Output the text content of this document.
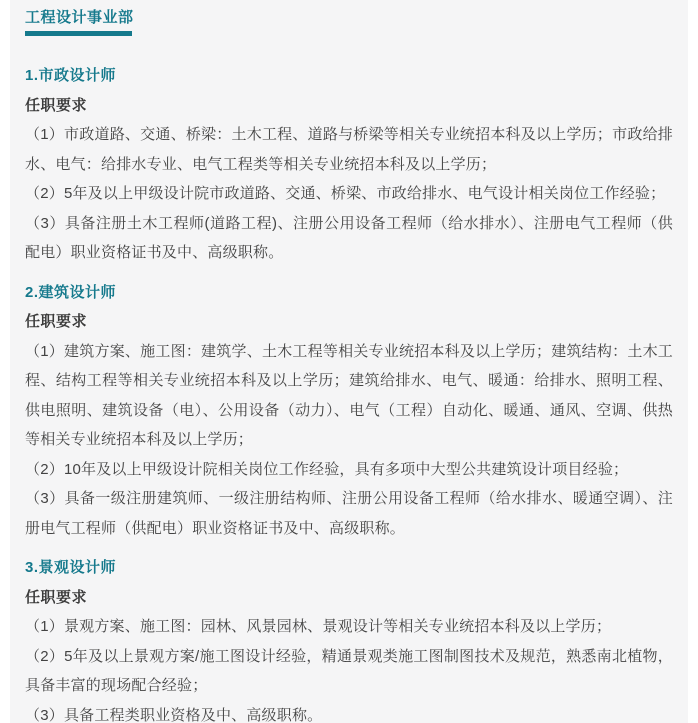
工程设计事业部
1.市政设计师
任职要求
（1）市政道路、交通、桥梁：土木工程、道路与桥梁等相关专业统招本科及以上学历；市政给排水、电气：给排水专业、电气工程类等相关专业统招本科及以上学历；
（2）5年及以上甲级设计院市政道路、交通、桥梁、市政给排水、电气设计相关岗位工作经验；
（3）具备注册土木工程师(道路工程)、注册公用设备工程师（给水排水）、注册电气工程师（供配电）职业资格证书及中、高级职称。
2.建筑设计师
任职要求
（1）建筑方案、施工图：建筑学、土木工程等相关专业统招本科及以上学历；建筑结构：土木工程、结构工程等相关专业统招本科及以上学历；建筑给排水、电气、暖通：给排水、照明工程、供电照明、建筑设备（电）、公用设备（动力）、电气（工程）自动化、暖通、通风、空调、供热等相关专业统招本科及以上学历；
（2）10年及以上甲级设计院相关岗位工作经验，具有多项中大型公共建筑设计项目经验；
（3）具备一级注册建筑师、一级注册结构师、注册公用设备工程师（给水排水、暖通空调）、注册电气工程师（供配电）职业资格证书及中、高级职称。
3.景观设计师
任职要求
（1）景观方案、施工图：园林、风景园林、景观设计等相关专业统招本科及以上学历；
（2）5年及以上景观方案/施工图设计经验，精通景观类施工图制图技术及规范，熟悉南北植物，具备丰富的现场配合经验；
（3）具备工程类职业资格及中、高级职称。
